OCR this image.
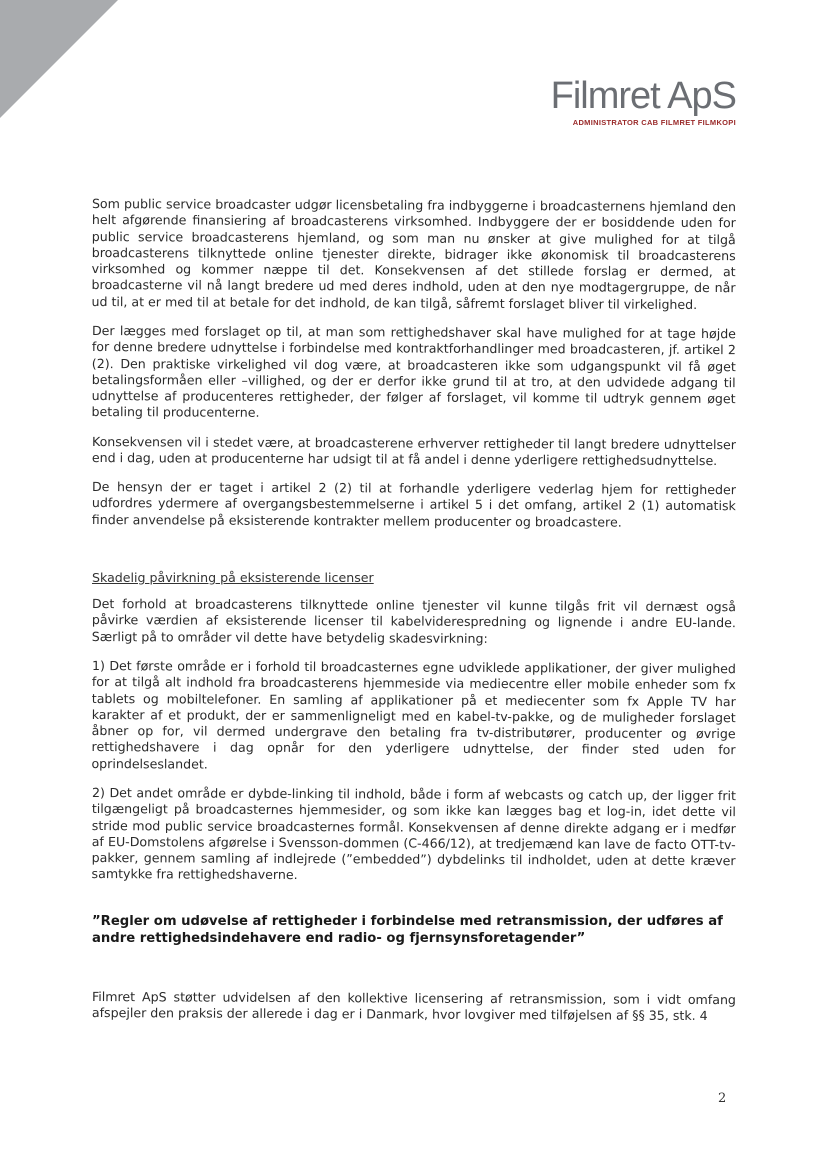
Filmret ApS
ADMINISTRATOR CAB FILMRET FILMKOPI

Som public service broadcaster udgør licensbetaling fra indbyggerne i broadcasternens hjemland den helt afgørende finansiering af broadcasterens virksomhed. Indbyggere der er bosiddende uden for public service broadcasterens hjemland, og som man nu ønsker at give mulighed for at tilgå broadcasterens tilknyttede online tjenester direkte, bidrager ikke økonomisk til broadcasterens virksomhed og kommer næppe til det. Konsekvensen af det stillede forslag er dermed, at broadcasterne vil nå langt bredere ud med deres indhold, uden at den nye modtagergruppe, de når ud til, at er med til at betale for det indhold, de kan tilgå, såfremt forslaget bliver til virkelighed.

Der lægges med forslaget op til, at man som rettighedshaver skal have mulighed for at tage højde for denne bredere udnyttelse i forbindelse med kontraktforhandlinger med broadcasteren, jf. artikel 2 (2). Den praktiske virkelighed vil dog være, at broadcasteren ikke som udgangspunkt vil få øget betalingsformåen eller –villighed, og der er derfor ikke grund til at tro, at den udvidede adgang til udnyttelse af producenteres rettigheder, der følger af forslaget, vil komme til udtryk gennem øget betaling til producenterne.

Konsekvensen vil i stedet være, at broadcasterene erhverver rettigheder til langt bredere udnyttelser end i dag, uden at producenterne har udsigt til at få andel i denne yderligere rettighedsudnyttelse.

De hensyn der er taget i artikel 2 (2) til at forhandle yderligere vederlag hjem for rettigheder udfordres ydermere af overgangsbestemmelserne i artikel 5 i det omfang, artikel 2 (1) automatisk finder anvendelse på eksisterende kontrakter mellem producenter og broadcastere.

Skadelig påvirkning på eksisterende licenser

Det forhold at broadcasterens tilknyttede online tjenester vil kunne tilgås frit vil dernæst også påvirke værdien af eksisterende licenser til kabelviderespredning og lignende i andre EU-lande. Særligt på to områder vil dette have betydelig skadesvirkning:

1) Det første område er i forhold til broadcasternes egne udviklede applikationer, der giver mulighed for at tilgå alt indhold fra broadcasterens hjemmeside via mediecentre eller mobile enheder som fx tablets og mobiltelefoner. En samling af applikationer på et mediecenter som fx Apple TV har karakter af et produkt, der er sammenligneligt med en kabel-tv-pakke, og de muligheder forslaget åbner op for, vil dermed undergrave den betaling fra tv-distributører, producenter og øvrige rettighedshavere i dag opnår for den yderligere udnyttelse, der finder sted uden for oprindelseslandet.

2) Det andet område er dybde-linking til indhold, både i form af webcasts og catch up, der ligger frit tilgængeligt på broadcasternes hjemmesider, og som ikke kan lægges bag et log-in, idet dette vil stride mod public service broadcasternes formål. Konsekvensen af denne direkte adgang er i medfør af EU-Domstolens afgørelse i Svensson-dommen (C-466/12), at tredjemænd kan lave de facto OTT-tv-pakker, gennem samling af indlejrede (”embedded”) dybdelinks til indholdet, uden at dette kræver samtykke fra rettighedshaverne.

”Regler om udøvelse af rettigheder i forbindelse med retransmission, der udføres af andre rettighedsindehavere end radio- og fjernsynsforetagender”

Filmret ApS støtter udvidelsen af den kollektive licensering af retransmission, som i vidt omfang afspejler den praksis der allerede i dag er i Danmark, hvor lovgiver med tilføjelsen af §§ 35, stk. 4

2
